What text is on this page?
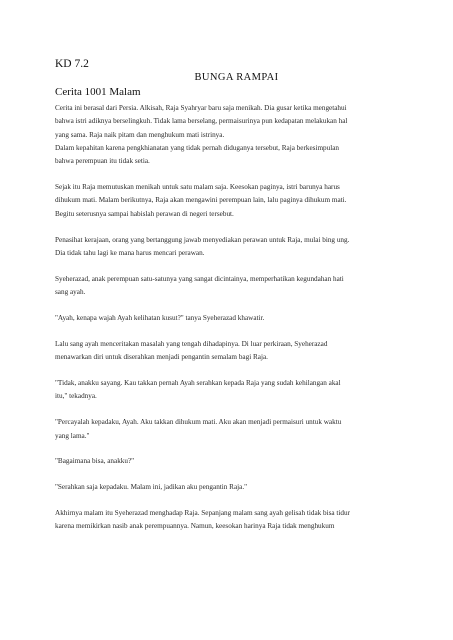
KD 7.2
BUNGA RAMPAI
Cerita 1001 Malam
Cerita ini berasal dari Persia. Alkisah, Raja Syahryar baru saja menikah. Dia gusar ketika mengetahui
bahwa istri adiknya berselingkuh. Tidak lama berselang, permaisurinya pun kedapatan melakukan hal
yang sama. Raja naik pitam dan menghukum mati istrinya.
Dalam kepahitan karena pengkhianatan yang tidak pernah diduganya tersebut, Raja berkesimpulan
bahwa perempuan itu tidak setia.
Sejak itu Raja memutuskan menikah untuk satu malam saja. Keesokan paginya, istri barunya harus
dihukum mati. Malam berikutnya, Raja akan mengawini perempuan lain, lalu paginya dihukum mati.
Begitu seterusnya sampai habislah perawan di negeri tersebut.
Penasihat kerajaan, orang yang bertanggung jawab menyediakan perawan untuk Raja, mulai bing ung.
Dia tidak tahu lagi ke mana harus mencari perawan.
Syeherazad, anak perempuan satu-satunya yang sangat dicintainya, memperhatikan kegundahan hati
sang ayah.
"Ayah, kenapa wajah Ayah kelihatan kusut?" tanya Syeherazad khawatir.
Lalu sang ayah menceritakan masalah yang tengah dihadapinya. Di luar perkiraan, Syeherazad
menawarkan diri untuk diserahkan menjadi pengantin semalam bagi Raja.
"Tidak, anakku sayang. Kau takkan pernah Ayah serahkan kepada Raja yang sudah kehilangan akal
itu," tekadnya.
"Percayalah kepadaku, Ayah. Aku takkan dihukum mati. Aku akan menjadi permaisuri untuk waktu
yang lama."
"Bagaimana bisa, anakku?"
"Serahkan saja kepadaku. Malam ini, jadikan aku pengantin Raja."
Akhirnya malam itu Syeherazad menghadap Raja. Sepanjang malam sang ayah gelisah tidak bisa tidur
karena memikirkan nasib anak perempuannya. Namun, keesokan harinya Raja tidak menghukum
